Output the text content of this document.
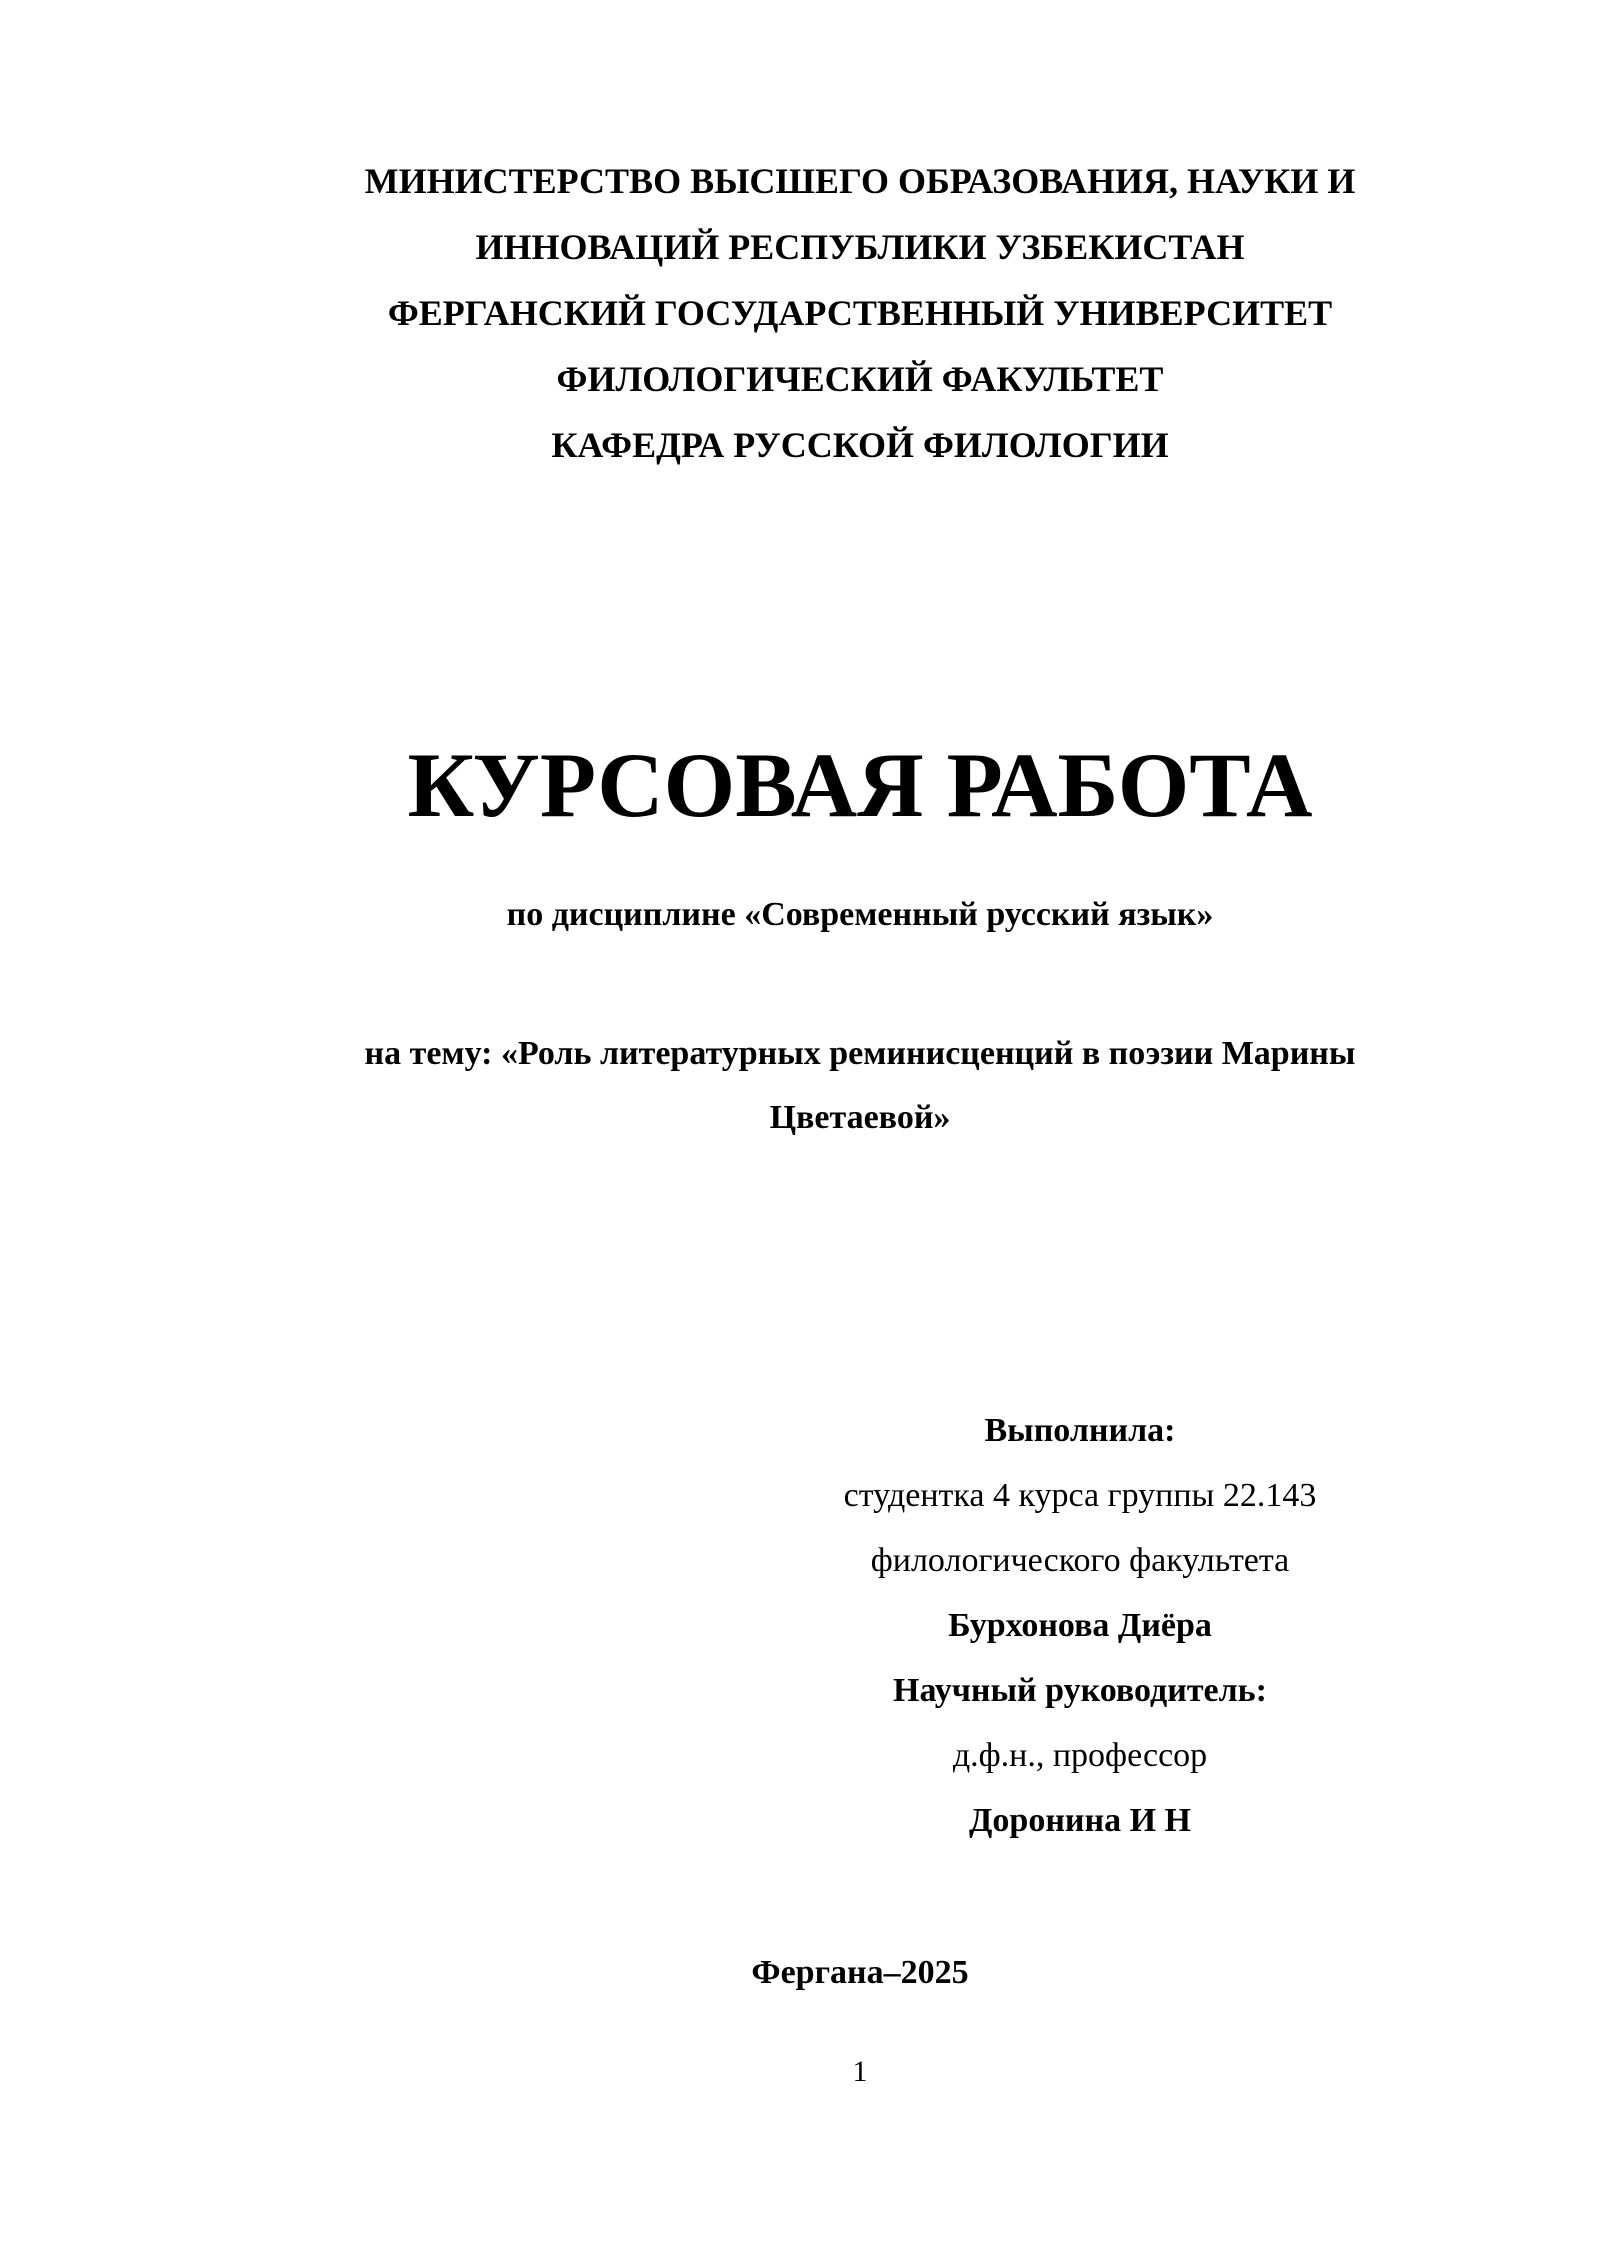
МИНИСТЕРСТВО ВЫСШЕГО ОБРАЗОВАНИЯ, НАУКИ И

ИННОВАЦИЙ РЕСПУБЛИКИ УЗБЕКИСТАН

ФЕРГАНСКИЙ ГОСУДАРСТВЕННЫЙ УНИВЕРСИТЕТ

ФИЛОЛОГИЧЕСКИЙ ФАКУЛЬТЕТ

КАФЕДРА РУССКОЙ ФИЛОЛОГИИ

КУРСОВАЯ РАБОТА

по дисциплине «Современный русский язык»

на тему: «Роль литературных реминисценций в поэзии Марины
Цветаевой»

Выполнила:

студентка 4 курса группы 22.143

филологического факультета

Бурхонова Диёра

Научный руководитель:

д.ф.н., профессор

Доронина И Н

Фергана–2025

1
